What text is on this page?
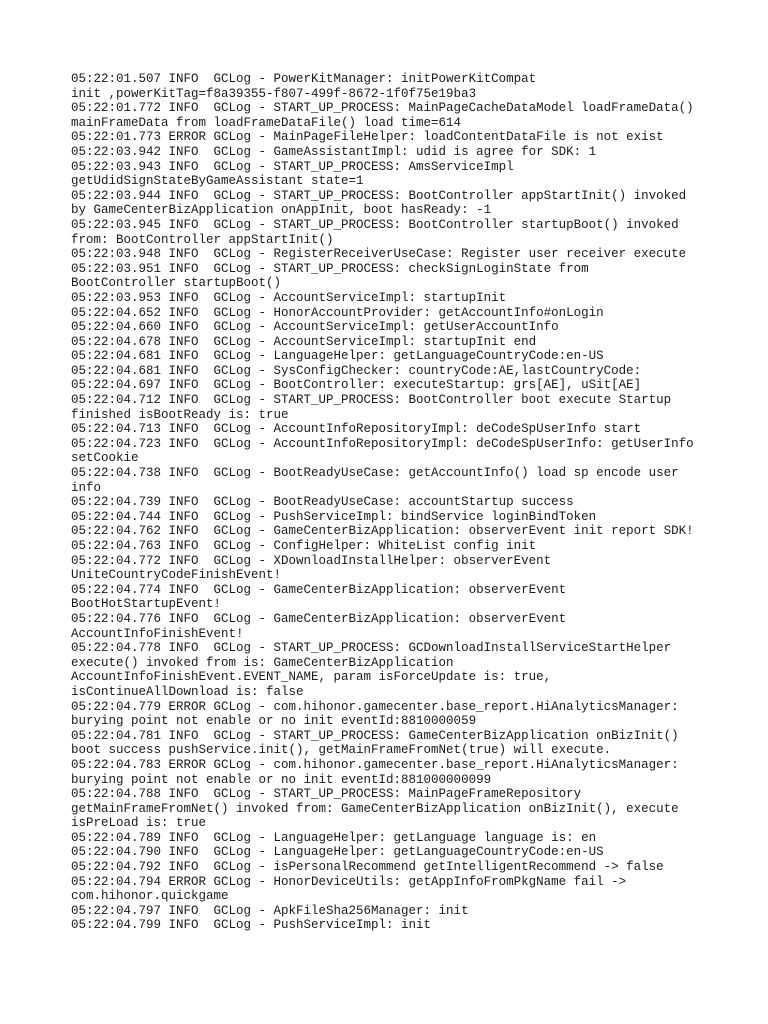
05:22:01.507 INFO  GCLog - PowerKitManager: initPowerKitCompat
init ,powerKitTag=f8a39355-f807-499f-8672-1f0f75e19ba3
05:22:01.772 INFO  GCLog - START_UP_PROCESS: MainPageCacheDataModel loadFrameData()
mainFrameData from loadFrameDataFile() load time=614
05:22:01.773 ERROR GCLog - MainPageFileHelper: loadContentDataFile is not exist
05:22:03.942 INFO  GCLog - GameAssistantImpl: udid is agree for SDK: 1
05:22:03.943 INFO  GCLog - START_UP_PROCESS: AmsServiceImpl
getUdidSignStateByGameAssistant state=1
05:22:03.944 INFO  GCLog - START_UP_PROCESS: BootController appStartInit() invoked
by GameCenterBizApplication onAppInit, boot hasReady: -1
05:22:03.945 INFO  GCLog - START_UP_PROCESS: BootController startupBoot() invoked
from: BootController appStartInit()
05:22:03.948 INFO  GCLog - RegisterReceiverUseCase: Register user receiver execute
05:22:03.951 INFO  GCLog - START_UP_PROCESS: checkSignLoginState from
BootController startupBoot()
05:22:03.953 INFO  GCLog - AccountServiceImpl: startupInit
05:22:04.652 INFO  GCLog - HonorAccountProvider: getAccountInfo#onLogin
05:22:04.660 INFO  GCLog - AccountServiceImpl: getUserAccountInfo
05:22:04.678 INFO  GCLog - AccountServiceImpl: startupInit end
05:22:04.681 INFO  GCLog - LanguageHelper: getLanguageCountryCode:en-US
05:22:04.681 INFO  GCLog - SysConfigChecker: countryCode:AE,lastCountryCode:
05:22:04.697 INFO  GCLog - BootController: executeStartup: grs[AE], uSit[AE]
05:22:04.712 INFO  GCLog - START_UP_PROCESS: BootController boot execute Startup
finished isBootReady is: true
05:22:04.713 INFO  GCLog - AccountInfoRepositoryImpl: deCodeSpUserInfo start
05:22:04.723 INFO  GCLog - AccountInfoRepositoryImpl: deCodeSpUserInfo: getUserInfo
setCookie
05:22:04.738 INFO  GCLog - BootReadyUseCase: getAccountInfo() load sp encode user
info
05:22:04.739 INFO  GCLog - BootReadyUseCase: accountStartup success
05:22:04.744 INFO  GCLog - PushServiceImpl: bindService loginBindToken
05:22:04.762 INFO  GCLog - GameCenterBizApplication: observerEvent init report SDK!
05:22:04.763 INFO  GCLog - ConfigHelper: WhiteList config init
05:22:04.772 INFO  GCLog - XDownloadInstallHelper: observerEvent
UniteCountryCodeFinishEvent!
05:22:04.774 INFO  GCLog - GameCenterBizApplication: observerEvent
BootHotStartupEvent!
05:22:04.776 INFO  GCLog - GameCenterBizApplication: observerEvent
AccountInfoFinishEvent!
05:22:04.778 INFO  GCLog - START_UP_PROCESS: GCDownloadInstallServiceStartHelper
execute() invoked from is: GameCenterBizApplication
AccountInfoFinishEvent.EVENT_NAME, param isForceUpdate is: true,
isContinueAllDownload is: false
05:22:04.779 ERROR GCLog - com.hihonor.gamecenter.base_report.HiAnalyticsManager:
burying point not enable or no init eventId:8810000059
05:22:04.781 INFO  GCLog - START_UP_PROCESS: GameCenterBizApplication onBizInit()
boot success pushService.init(), getMainFrameFromNet(true) will execute.
05:22:04.783 ERROR GCLog - com.hihonor.gamecenter.base_report.HiAnalyticsManager:
burying point not enable or no init eventId:881000000099
05:22:04.788 INFO  GCLog - START_UP_PROCESS: MainPageFrameRepository
getMainFrameFromNet() invoked from: GameCenterBizApplication onBizInit(), execute
isPreLoad is: true
05:22:04.789 INFO  GCLog - LanguageHelper: getLanguage language is: en
05:22:04.790 INFO  GCLog - LanguageHelper: getLanguageCountryCode:en-US
05:22:04.792 INFO  GCLog - isPersonalRecommend getIntelligentRecommend -> false
05:22:04.794 ERROR GCLog - HonorDeviceUtils: getAppInfoFromPkgName fail ->
com.hihonor.quickgame
05:22:04.797 INFO  GCLog - ApkFileSha256Manager: init
05:22:04.799 INFO  GCLog - PushServiceImpl: init
